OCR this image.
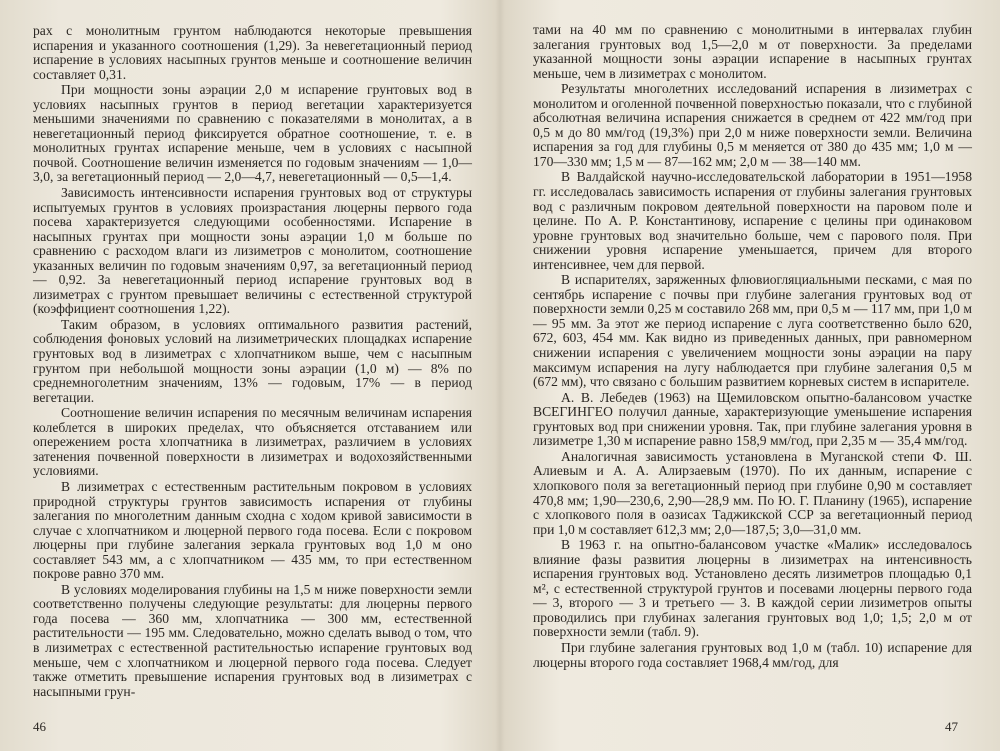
рах с монолитным грунтом наблюдаются некоторые превышения испарения и указанного соотношения (1,29). За невегетационный период испарение в условиях насыпных грунтов меньше и соотношение величин составляет 0,31.

При мощности зоны аэрации 2,0 м испарение грунтовых вод в условиях насыпных грунтов в период вегетации характеризуется меньшими значениями по сравнению с показателями в монолитах, а в невегетационный период фиксируется обратное соотношение, т. е. в монолитных грунтах испарение меньше, чем в условиях с насыпной почвой. Соотношение величин изменяется по годовым значениям — 1,0—3,0, за вегетационный период — 2,0—4,7, невегетационный — 0,5—1,4.

Зависимость интенсивности испарения грунтовых вод от структуры испытуемых грунтов в условиях произрастания люцерны первого года посева характеризуется следующими особенностями. Испарение в насыпных грунтах при мощности зоны аэрации 1,0 м больше по сравнению с расходом влаги из лизиметров с монолитом, соотношение указанных величин по годовым значениям 0,97, за вегетационный период — 0,92. За невегетационный период испарение грунтовых вод в лизиметрах с грунтом превышает величины с естественной структурой (коэффициент соотношения 1,22).

Таким образом, в условиях оптимального развития растений, соблюдения фоновых условий на лизиметрических площадках испарение грунтовых вод в лизиметрах с хлопчатником выше, чем с насыпным грунтом при небольшой мощности зоны аэрации (1,0 м) — 8% по среднемноголетним значениям, 13% — годовым, 17% — в период вегетации.

Соотношение величин испарения по месячным величинам испарения колеблется в широких пределах, что объясняется отставанием или опережением роста хлопчатника в лизиметрах, различием в условиях затенения почвенной поверхности в лизиметрах и водохозяйственными условиями.

В лизиметрах с естественным растительным покровом в условиях природной структуры грунтов зависимость испарения от глубины залегания по многолетним данным сходна с ходом кривой зависимости в случае с хлопчатником и люцерной первого года посева. Если с покровом люцерны при глубине залегания зеркала грунтовых вод 1,0 м оно составляет 543 мм, а с хлопчатником — 435 мм, то при естественном покрове равно 370 мм.

В условиях моделирования глубины на 1,5 м ниже поверхности земли соответственно получены следующие результаты: для люцерны первого года посева — 360 мм, хлопчатника — 300 мм, естественной растительности — 195 мм. Следовательно, можно сделать вывод о том, что в лизиметрах с естественной растительностью испарение грунтовых вод меньше, чем с хлопчатником и люцерной первого года посева. Следует также отметить превышение испарения грунтовых вод в лизиметрах с насыпными грун-

46

тами на 40 мм по сравнению с монолитными в интервалах глубин залегания грунтовых вод 1,5—2,0 м от поверхности. За пределами указанной мощности зоны аэрации испарение в насыпных грунтах меньше, чем в лизиметрах с монолитом.

Результаты многолетних исследований испарения в лизиметрах с монолитом и оголенной почвенной поверхностью показали, что с глубиной абсолютная величина испарения снижается в среднем от 422 мм/год при 0,5 м до 80 мм/год (19,3%) при 2,0 м ниже поверхности земли. Величина испарения за год для глубины 0,5 м меняется от 380 до 435 мм; 1,0 м — 170—330 мм; 1,5 м — 87—162 мм; 2,0 м — 38—140 мм.

В Валдайской научно-исследовательской лаборатории в 1951—1958 гг. исследовалась зависимость испарения от глубины залегания грунтовых вод с различным покровом деятельной поверхности на паровом поле и целине. По А. Р. Константинову, испарение с целины при одинаковом уровне грунтовых вод значительно больше, чем с парового поля. При снижении уровня испарение уменьшается, причем для второго интенсивнее, чем для первой.

В испарителях, заряженных флювиогляциальными песками, с мая по сентябрь испарение с почвы при глубине залегания грунтовых вод от поверхности земли 0,25 м составило 268 мм, при 0,5 м — 117 мм, при 1,0 м — 95 мм. За этот же период испарение с луга соответственно было 620, 672, 603, 454 мм. Как видно из приведенных данных, при равномерном снижении испарения с увеличением мощности зоны аэрации на пару максимум испарения на лугу наблюдается при глубине залегания 0,5 м (672 мм), что связано с большим развитием корневых систем в испарителе.

А. В. Лебедев (1963) на Щемиловском опытно-балансовом участке ВСЕГИНГЕО получил данные, характеризующие уменьшение испарения грунтовых вод при снижении уровня. Так, при глубине залегания уровня в лизиметре 1,30 м испарение равно 158,9 мм/год, при 2,35 м — 35,4 мм/год.

Аналогичная зависимость установлена в Муганской степи Ф. Ш. Алиевым и А. А. Алирзаевым (1970). По их данным, испарение с хлопкового поля за вегетационный период при глубине 0,90 м составляет 470,8 мм; 1,90—230,6, 2,90—28,9 мм. По Ю. Г. Планину (1965), испарение с хлопкового поля в оазисах Таджикской ССР за вегетационный период при 1,0 м составляет 612,3 мм; 2,0—187,5; 3,0—31,0 мм.

В 1963 г. на опытно-балансовом участке «Малик» исследовалось влияние фазы развития люцерны в лизиметрах на интенсивность испарения грунтовых вод. Установлено десять лизиметров площадью 0,1 м², с естественной структурой грунтов и посевами люцерны первого года — 3, второго — 3 и третьего — 3. В каждой серии лизиметров опыты проводились при глубинах залегания грунтовых вод 1,0; 1,5; 2,0 м от поверхности земли (табл. 9).

При глубине залегания грунтовых вод 1,0 м (табл. 10) испарение для люцерны второго года составляет 1968,4 мм/год, для

47
